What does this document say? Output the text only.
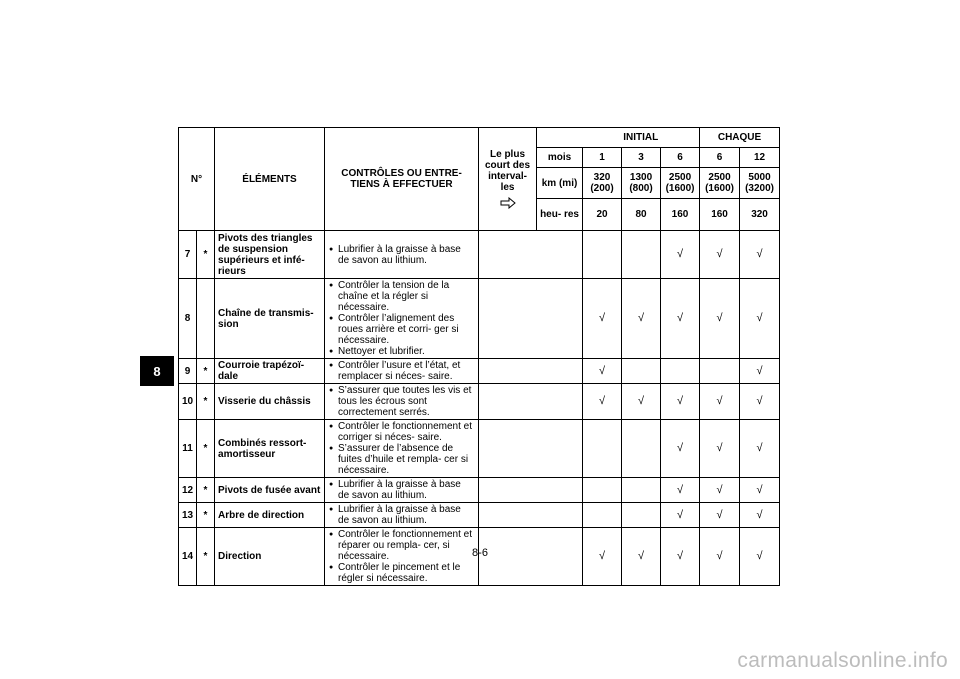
8
N°		ÉLÉMENTS	CONTRÔLES OU ENTRE- TIENS À EFFECTUER	Le plus court des interval- les		INITIAL			CHAQUE	
					mois	1	3	6	6	12
					km (mi)	320 (200)	1300 (800)	2500 (1600)	2500 (1600)	5000 (3200)
					heu- res	20	80	160	160	320
7	*	Pivots des triangles de suspension supérieurs et infé- rieurs	● Lubrifier à la graisse à base de savon au lithium.					√	√	√
8		Chaîne de transmis- sion	● Contrôler la tension de la chaîne et la régler si nécessaire.
● Contrôler l’alignement des roues arrière et corri- ger si nécessaire.
● Nettoyer et lubrifier.			√	√	√	√	√
9	*	Courroie trapézoï- dale	● Contrôler l’usure et l’état, et remplacer si néces- saire.			√				√
10	*	Visserie du châssis	● S’assurer que toutes les vis et tous les écrous sont correctement serrés.			√	√	√	√	√
11	*	Combinés ressort- amortisseur	● Contrôler le fonctionnement et corriger si néces- saire.
● S’assurer de l’absence de fuites d’huile et rempla- cer si nécessaire.					√	√	√
12	*	Pivots de fusée avant	● Lubrifier à la graisse à base de savon au lithium.					√	√	√
13	*	Arbre de direction	● Lubrifier à la graisse à base de savon au lithium.					√	√	√
14	*	Direction	● Contrôler le fonctionnement et réparer ou rempla- cer, si nécessaire.
● Contrôler le pincement et le régler si nécessaire.			√	√	√	√	√
8-6
carmanualsonline.info
